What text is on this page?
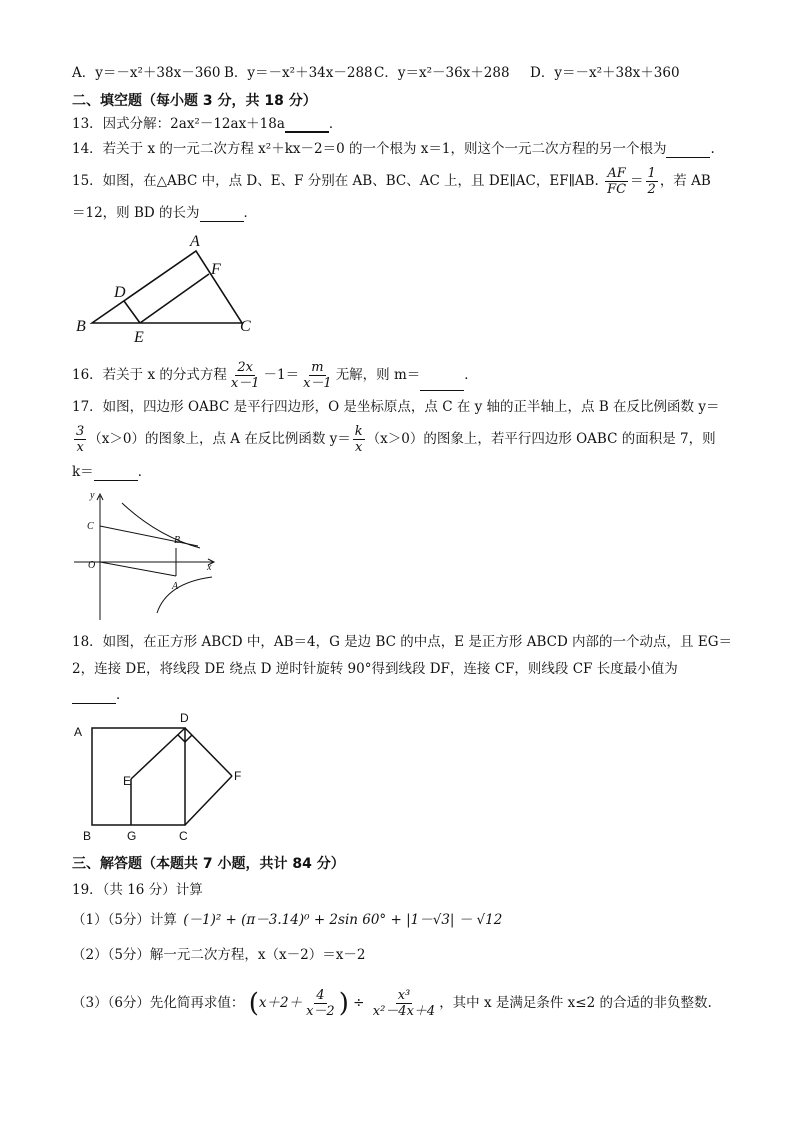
A．y＝－x²＋38x－360 B．y＝－x²＋34x－288 C．y＝x²－36x＋288 D．y＝－x²＋38x＋360
二、填空题（每小题 3 分，共 18 分）
13．因式分解：2ax²－12ax＋18a	．
14．若关于 x 的一元二次方程 x²＋kx－2＝0 的一个根为 x＝1，则这个一元二次方程的另一个根为	.
15．如图，在△ABC 中，点 D、E、F 分别在 AB、BC、AC 上，且 DE∥AC，EF∥AB. $\frac{AF}{FC} = \frac{1}{2}$ ，若 AB
＝12，则 BD 的长为	．
A
B	C
D
E
F
16．若关于 x 的分式方程 $\frac{2x}{x-1} -1= \frac{m}{x-1}$ 无解，则 m＝	．
17．如图，四边形 OABC 是平行四边形，O 是坐标原点，点 C 在 y 轴的正半轴上，点 B 在反比例函数 y＝
$\frac{3}{x} (x>0)$的图象上，点 A 在反比例函数 $y= \frac{k}{x} (x>0)$的图象上，若平行四边形 OABC 的面积是 7，则
k＝	．
y
x
O
C
B
A
18．如图，在正方形 ABCD 中，AB＝4，G 是边 BC 的中点，E 是正方形 ABCD 内部的一个动点，且 EG＝
2，连接 DE，将线段 DE 绕点 D 逆时针旋转 90°得到线段 DF，连接 CF，则线段 CF 长度最小值为
．
A
B	C
D
E	F
G
三、解答题（本题共 7 小题，共计 84 分）
19．（共 16 分）计算
（1）（5分）计算 (－1)² + (π－3.14)⁰ + 2sin 60° + |1－√3| － √12
（2）（5分）解一元二次方程，x（x－2）＝x－2
（3）（6分）先化简再求值： ($x+2+ \frac{4}{x-2}$ ) ÷ $\frac{\text{x³}}{\text{x²－4x＋4}}$ ，其中 x 是满足条件 x≤2 的合适的非负整数.
